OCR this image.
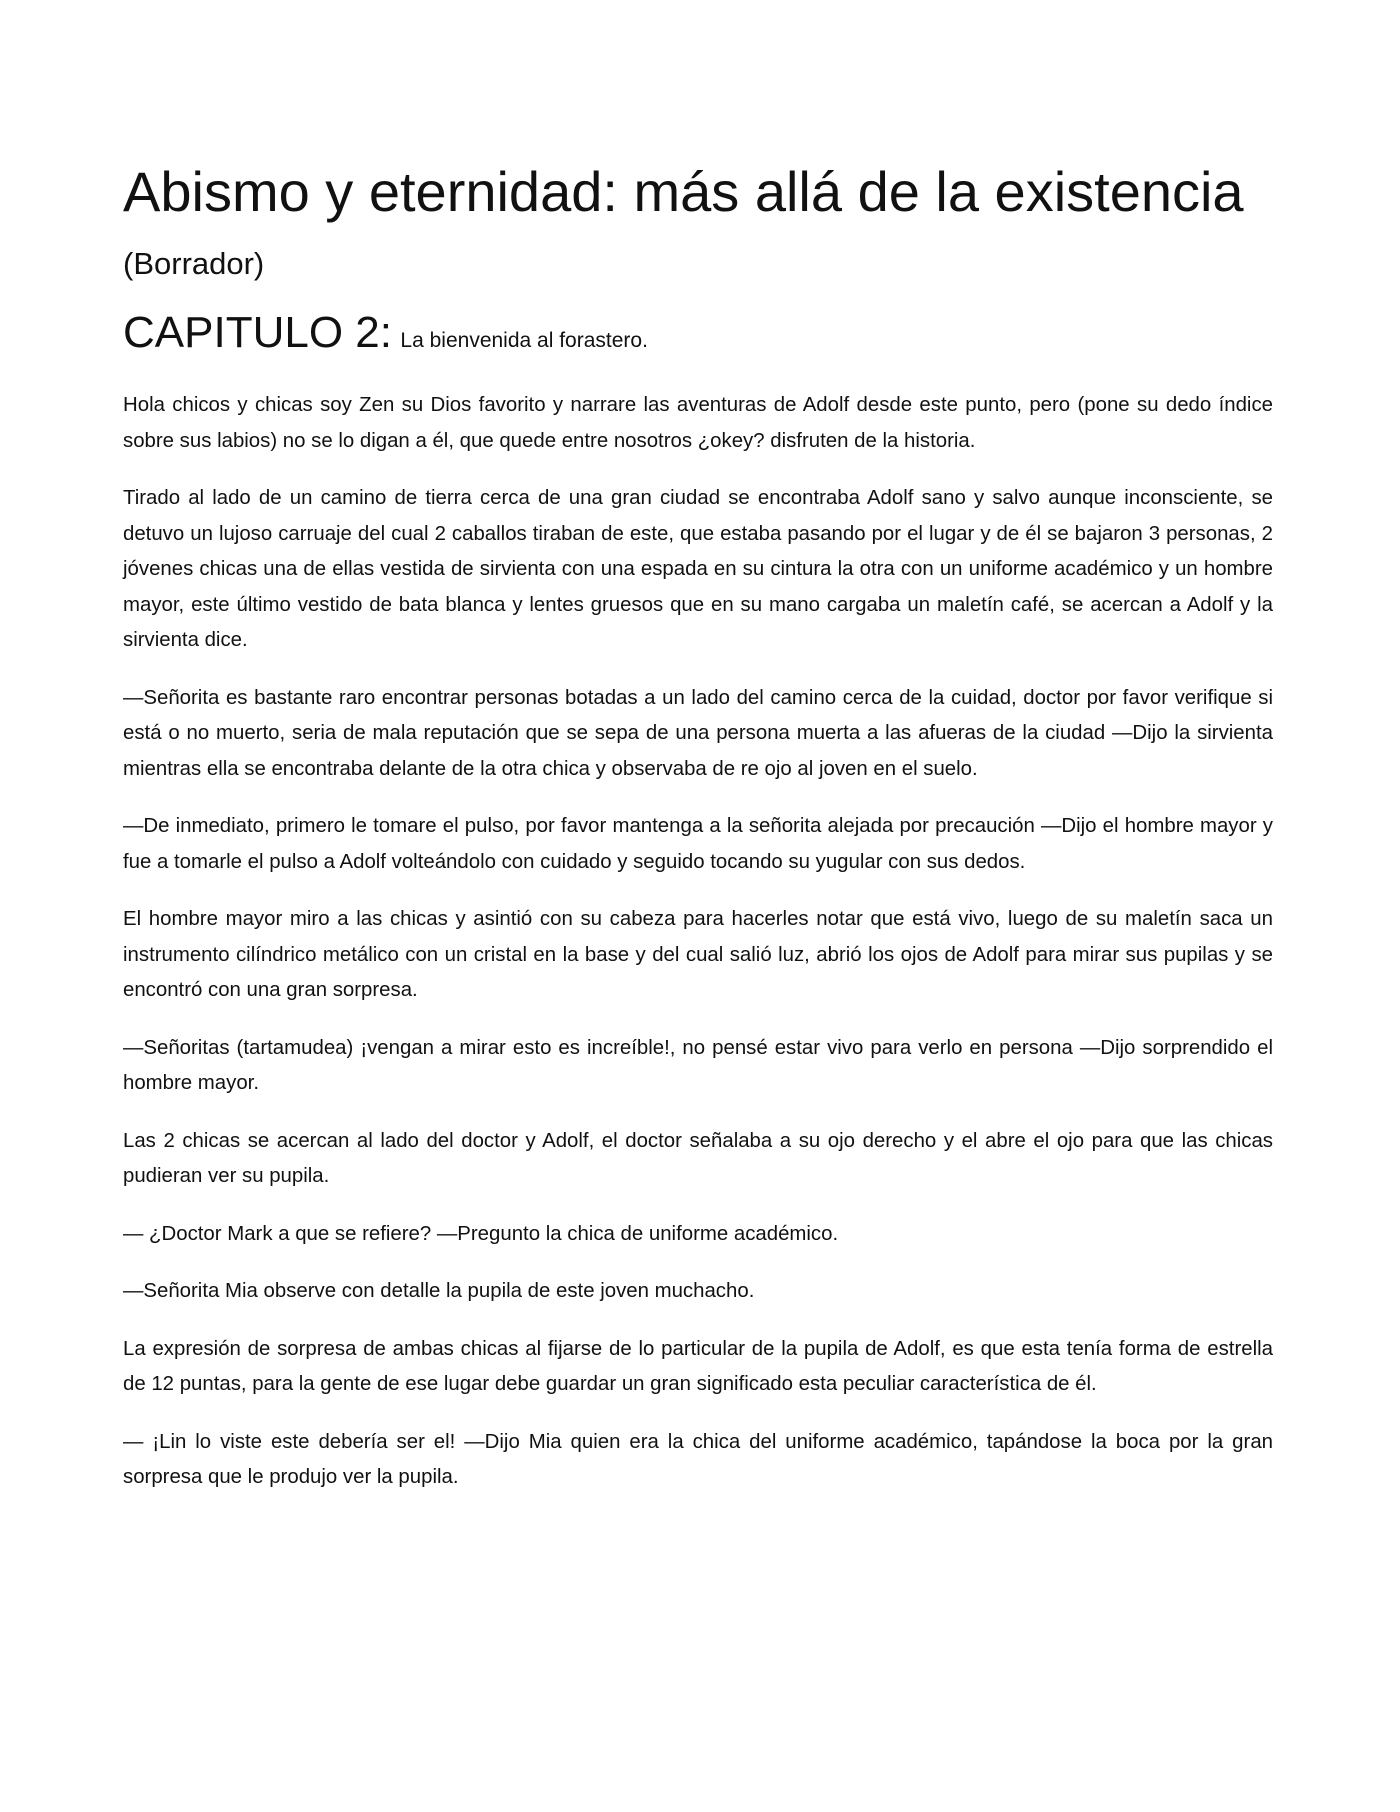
Abismo y eternidad: más allá de la existencia
(Borrador)
CAPITULO 2: La bienvenida al forastero.

Hola chicos y chicas soy Zen su Dios favorito y narrare las aventuras de Adolf desde este punto, pero (pone su dedo índice sobre sus labios) no se lo digan a él, que quede entre nosotros ¿okey? disfruten de la historia.

Tirado al lado de un camino de tierra cerca de una gran ciudad se encontraba Adolf sano y salvo aunque inconsciente, se detuvo un lujoso carruaje del cual 2 caballos tiraban de este, que estaba pasando por el lugar y de él se bajaron 3 personas, 2 jóvenes chicas una de ellas vestida de sirvienta con una espada en su cintura la otra con un uniforme académico y un hombre mayor, este último vestido de bata blanca y lentes gruesos que en su mano cargaba un maletín café, se acercan a Adolf y la sirvienta dice.

—Señorita es bastante raro encontrar personas botadas a un lado del camino cerca de la cuidad, doctor por favor verifique si está o no muerto, seria de mala reputación que se sepa de una persona muerta a las afueras de la ciudad —Dijo la sirvienta mientras ella se encontraba delante de la otra chica y observaba de re ojo al joven en el suelo.

—De inmediato, primero le tomare el pulso, por favor mantenga a la señorita alejada por precaución —Dijo el hombre mayor y fue a tomarle el pulso a Adolf volteándolo con cuidado y seguido tocando su yugular con sus dedos.

El hombre mayor miro a las chicas y asintió con su cabeza para hacerles notar que está vivo, luego de su maletín saca un instrumento cilíndrico metálico con un cristal en la base y del cual salió luz, abrió los ojos de Adolf para mirar sus pupilas y se encontró con una gran sorpresa.

—Señoritas (tartamudea) ¡vengan a mirar esto es increíble!, no pensé estar vivo para verlo en persona —Dijo sorprendido el hombre mayor.

Las 2 chicas se acercan al lado del doctor y Adolf, el doctor señalaba a su ojo derecho y el abre el ojo para que las chicas pudieran ver su pupila.

— ¿Doctor Mark a que se refiere? —Pregunto la chica de uniforme académico.

—Señorita Mia observe con detalle la pupila de este joven muchacho.

La expresión de sorpresa de ambas chicas al fijarse de lo particular de la pupila de Adolf, es que esta tenía forma de estrella de 12 puntas, para la gente de ese lugar debe guardar un gran significado esta peculiar característica de él.

— ¡Lin lo viste este debería ser el! —Dijo Mia quien era la chica del uniforme académico, tapándose la boca por la gran sorpresa que le produjo ver la pupila.
